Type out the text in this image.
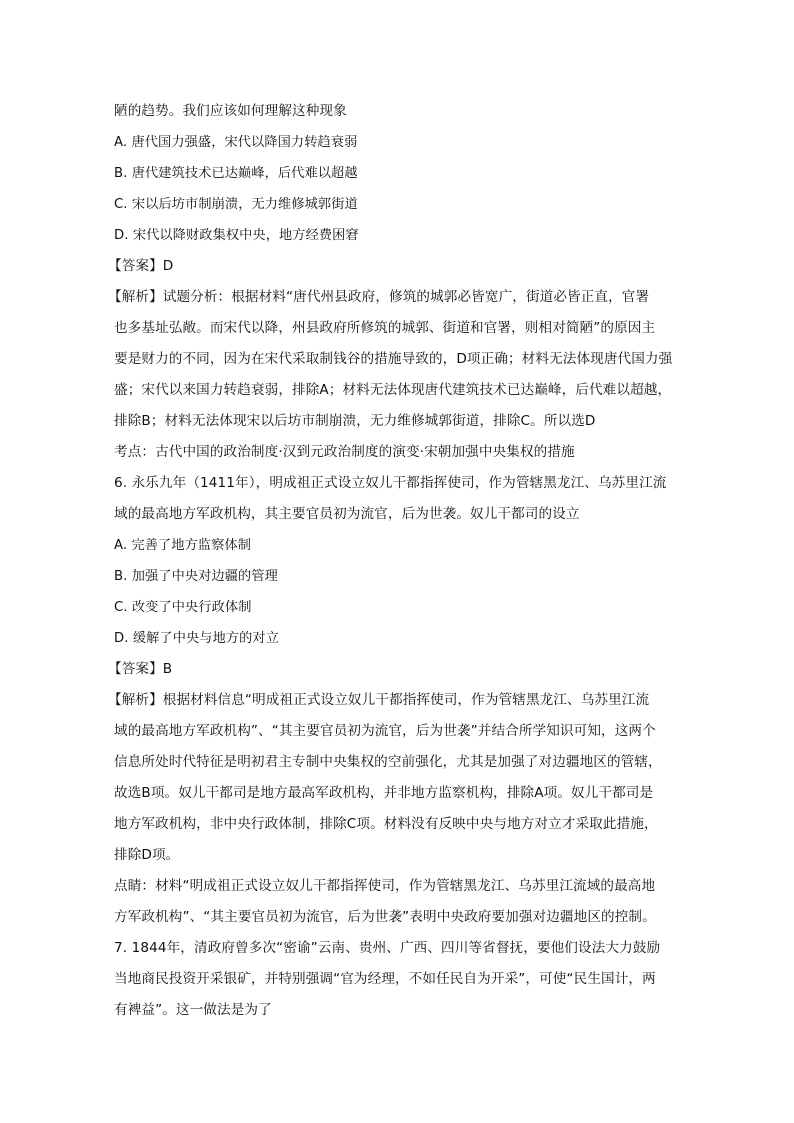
陋的趋势。我们应该如何理解这种现象
A. 唐代国力强盛，宋代以降国力转趋衰弱
B. 唐代建筑技术已达巅峰，后代难以超越
C. 宋以后坊市制崩溃，无力维修城郭街道
D. 宋代以降财政集权中央，地方经费困窘
【答案】D
【解析】试题分析：根据材料“唐代州县政府，修筑的城郭必皆宽广，街道必皆正直，官署
也多基址弘敞。而宋代以降，州县政府所修筑的城郭、街道和官署，则相对简陋”的原因主
要是财力的不同，因为在宋代采取制钱谷的措施导致的，D项正确；材料无法体现唐代国力强
盛；宋代以来国力转趋衰弱，排除A；材料无法体现唐代建筑技术已达巅峰，后代难以超越，
排除B；材料无法体现宋以后坊市制崩溃，无力维修城郭街道，排除C。所以选D
考点：古代中国的政治制度·汉到元政治制度的演变·宋朝加强中央集权的措施
6. 永乐九年（1411年），明成祖正式设立奴儿干都指挥使司，作为管辖黑龙江、乌苏里江流
域的最高地方军政机构，其主要官员初为流官，后为世袭。奴儿干都司的设立
A. 完善了地方监察体制
B. 加强了中央对边疆的管理
C. 改变了中央行政体制
D. 缓解了中央与地方的对立
【答案】B
【解析】根据材料信息“明成祖正式设立奴儿干都指挥使司，作为管辖黑龙江、乌苏里江流
域的最高地方军政机构”、“其主要官员初为流官，后为世袭”并结合所学知识可知，这两个
信息所处时代特征是明初君主专制中央集权的空前强化，尤其是加强了对边疆地区的管辖，
故选B项。奴儿干都司是地方最高军政机构，并非地方监察机构，排除A项。奴儿干都司是
地方军政机构，非中央行政体制，排除C项。材料没有反映中央与地方对立才采取此措施，
排除D项。
点睛：材料“明成祖正式设立奴儿干都指挥使司，作为管辖黑龙江、乌苏里江流域的最高地
方军政机构”、“其主要官员初为流官，后为世袭”表明中央政府要加强对边疆地区的控制。
7. 1844年，清政府曾多次“密谕”云南、贵州、广西、四川等省督抚，要他们设法大力鼓励
当地商民投资开采银矿，并特别强调“官为经理，不如任民自为开采”，可使“民生国计，两
有裨益”。这一做法是为了
